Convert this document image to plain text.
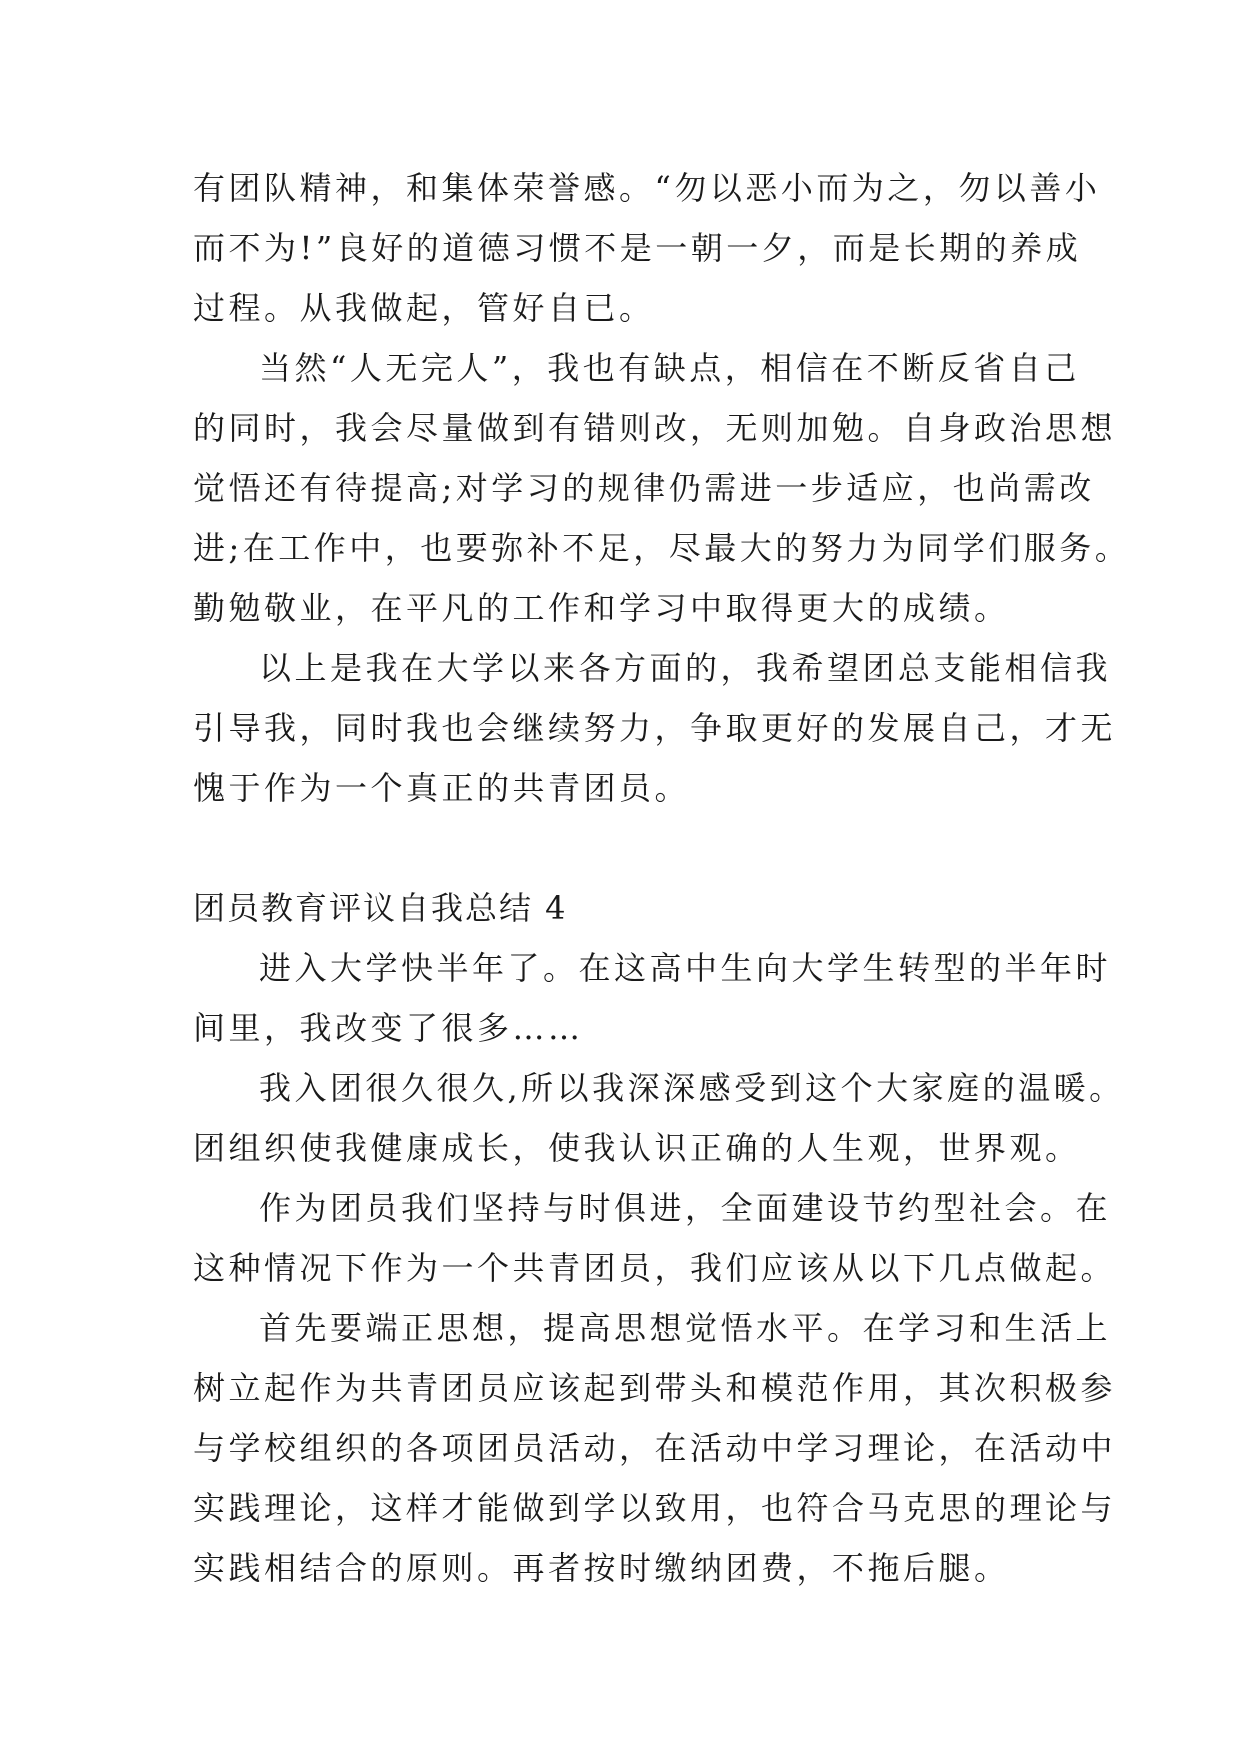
有团队精神，和集体荣誉感。“勿以恶小而为之，勿以善小
而不为!”良好的道德习惯不是一朝一夕，而是长期的养成
过程。从我做起，管好自已。
当然“人无完人”，我也有缺点，相信在不断反省自己
的同时，我会尽量做到有错则改，无则加勉。自身政治思想
觉悟还有待提高;对学习的规律仍需进一步适应，也尚需改
进;在工作中，也要弥补不足，尽最大的努力为同学们服务。
勤勉敬业，在平凡的工作和学习中取得更大的成绩。
以上是我在大学以来各方面的，我希望团总支能相信我
引导我，同时我也会继续努力，争取更好的发展自己，才无
愧于作为一个真正的共青团员。
团员教育评议自我总结 4
进入大学快半年了。在这高中生向大学生转型的半年时
间里，我改变了很多……
我入团很久很久,所以我深深感受到这个大家庭的温暖。
团组织使我健康成长，使我认识正确的人生观，世界观。
作为团员我们坚持与时俱进，全面建设节约型社会。在
这种情况下作为一个共青团员，我们应该从以下几点做起。
首先要端正思想，提高思想觉悟水平。在学习和生活上
树立起作为共青团员应该起到带头和模范作用，其次积极参
与学校组织的各项团员活动，在活动中学习理论，在活动中
实践理论，这样才能做到学以致用，也符合马克思的理论与
实践相结合的原则。再者按时缴纳团费，不拖后腿。
